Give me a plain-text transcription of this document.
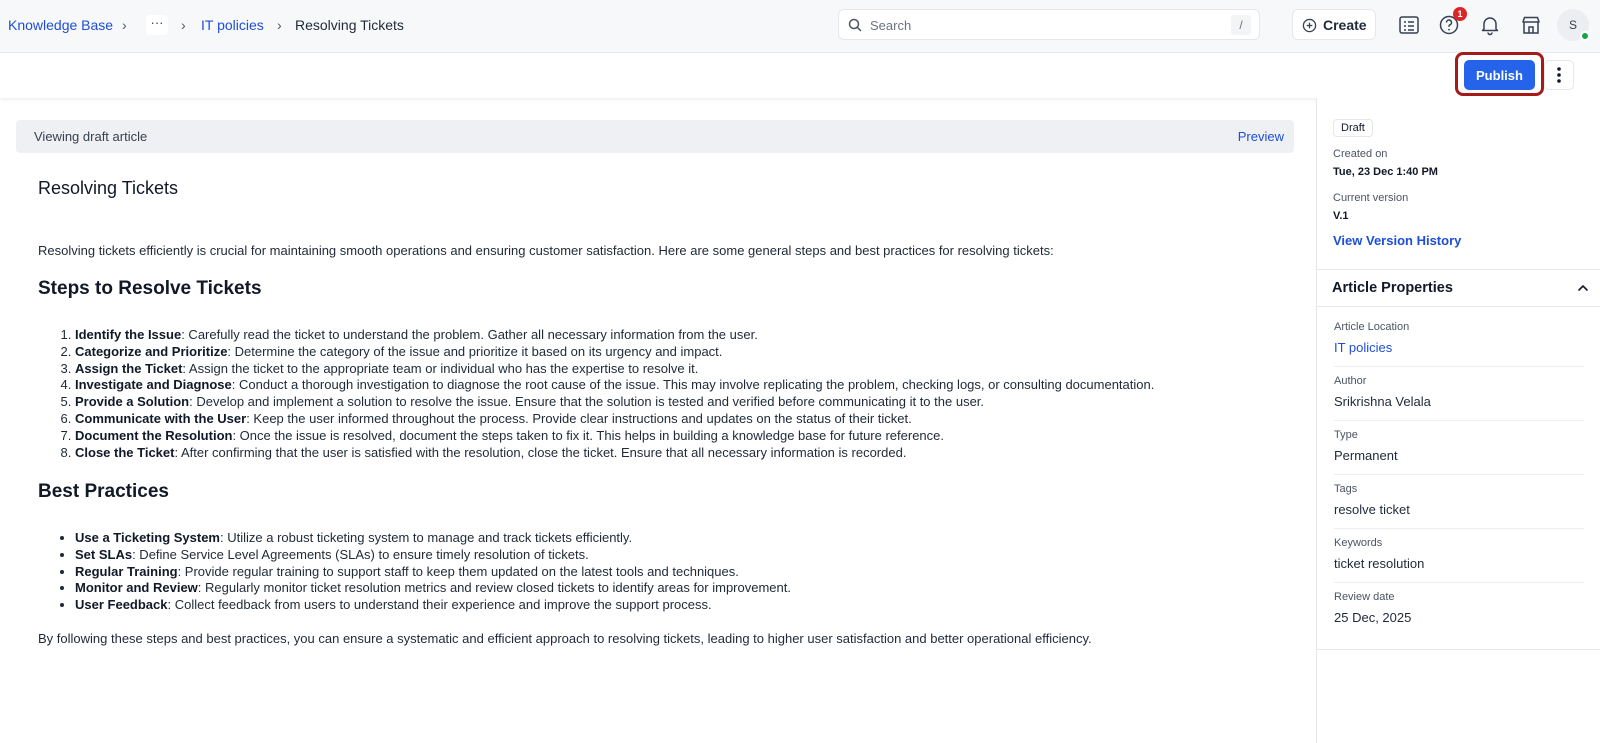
Knowledge Base ›	···	› IT policies › Resolving Tickets
Search	/	Create
1
S
Publish
Viewing draft article	Preview
Resolving Tickets

Resolving tickets efficiently is crucial for maintaining smooth operations and ensuring customer satisfaction. Here are some general steps and best practices for resolving tickets:

Steps to Resolve Tickets
1. Identify the Issue: Carefully read the ticket to understand the problem. Gather all necessary information from the user.
2. Categorize and Prioritize: Determine the category of the issue and prioritize it based on its urgency and impact.
3. Assign the Ticket: Assign the ticket to the appropriate team or individual who has the expertise to resolve it.
4. Investigate and Diagnose: Conduct a thorough investigation to diagnose the root cause of the issue. This may involve replicating the problem, checking logs, or consulting documentation.
5. Provide a Solution: Develop and implement a solution to resolve the issue. Ensure that the solution is tested and verified before communicating it to the user.
6. Communicate with the User: Keep the user informed throughout the process. Provide clear instructions and updates on the status of their ticket.
7. Document the Resolution: Once the issue is resolved, document the steps taken to fix it. This helps in building a knowledge base for future reference.
8. Close the Ticket: After confirming that the user is satisfied with the resolution, close the ticket. Ensure that all necessary information is recorded.
Best Practices
• Use a Ticketing System: Utilize a robust ticketing system to manage and track tickets efficiently.
• Set SLAs: Define Service Level Agreements (SLAs) to ensure timely resolution of tickets.
• Regular Training: Provide regular training to support staff to keep them updated on the latest tools and techniques.
• Monitor and Review: Regularly monitor ticket resolution metrics and review closed tickets to identify areas for improvement.
• User Feedback: Collect feedback from users to understand their experience and improve the support process.

By following these steps and best practices, you can ensure a systematic and efficient approach to resolving tickets, leading to higher user satisfaction and better operational efficiency.

Draft
Created on
Tue, 23 Dec 1:40 PM
Current version
V.1
View Version History
Article Properties
Article Location
IT policies
Author
Srikrishna Velala
Type
Permanent
Tags
resolve ticket
Keywords
ticket resolution
Review date
25 Dec, 2025
